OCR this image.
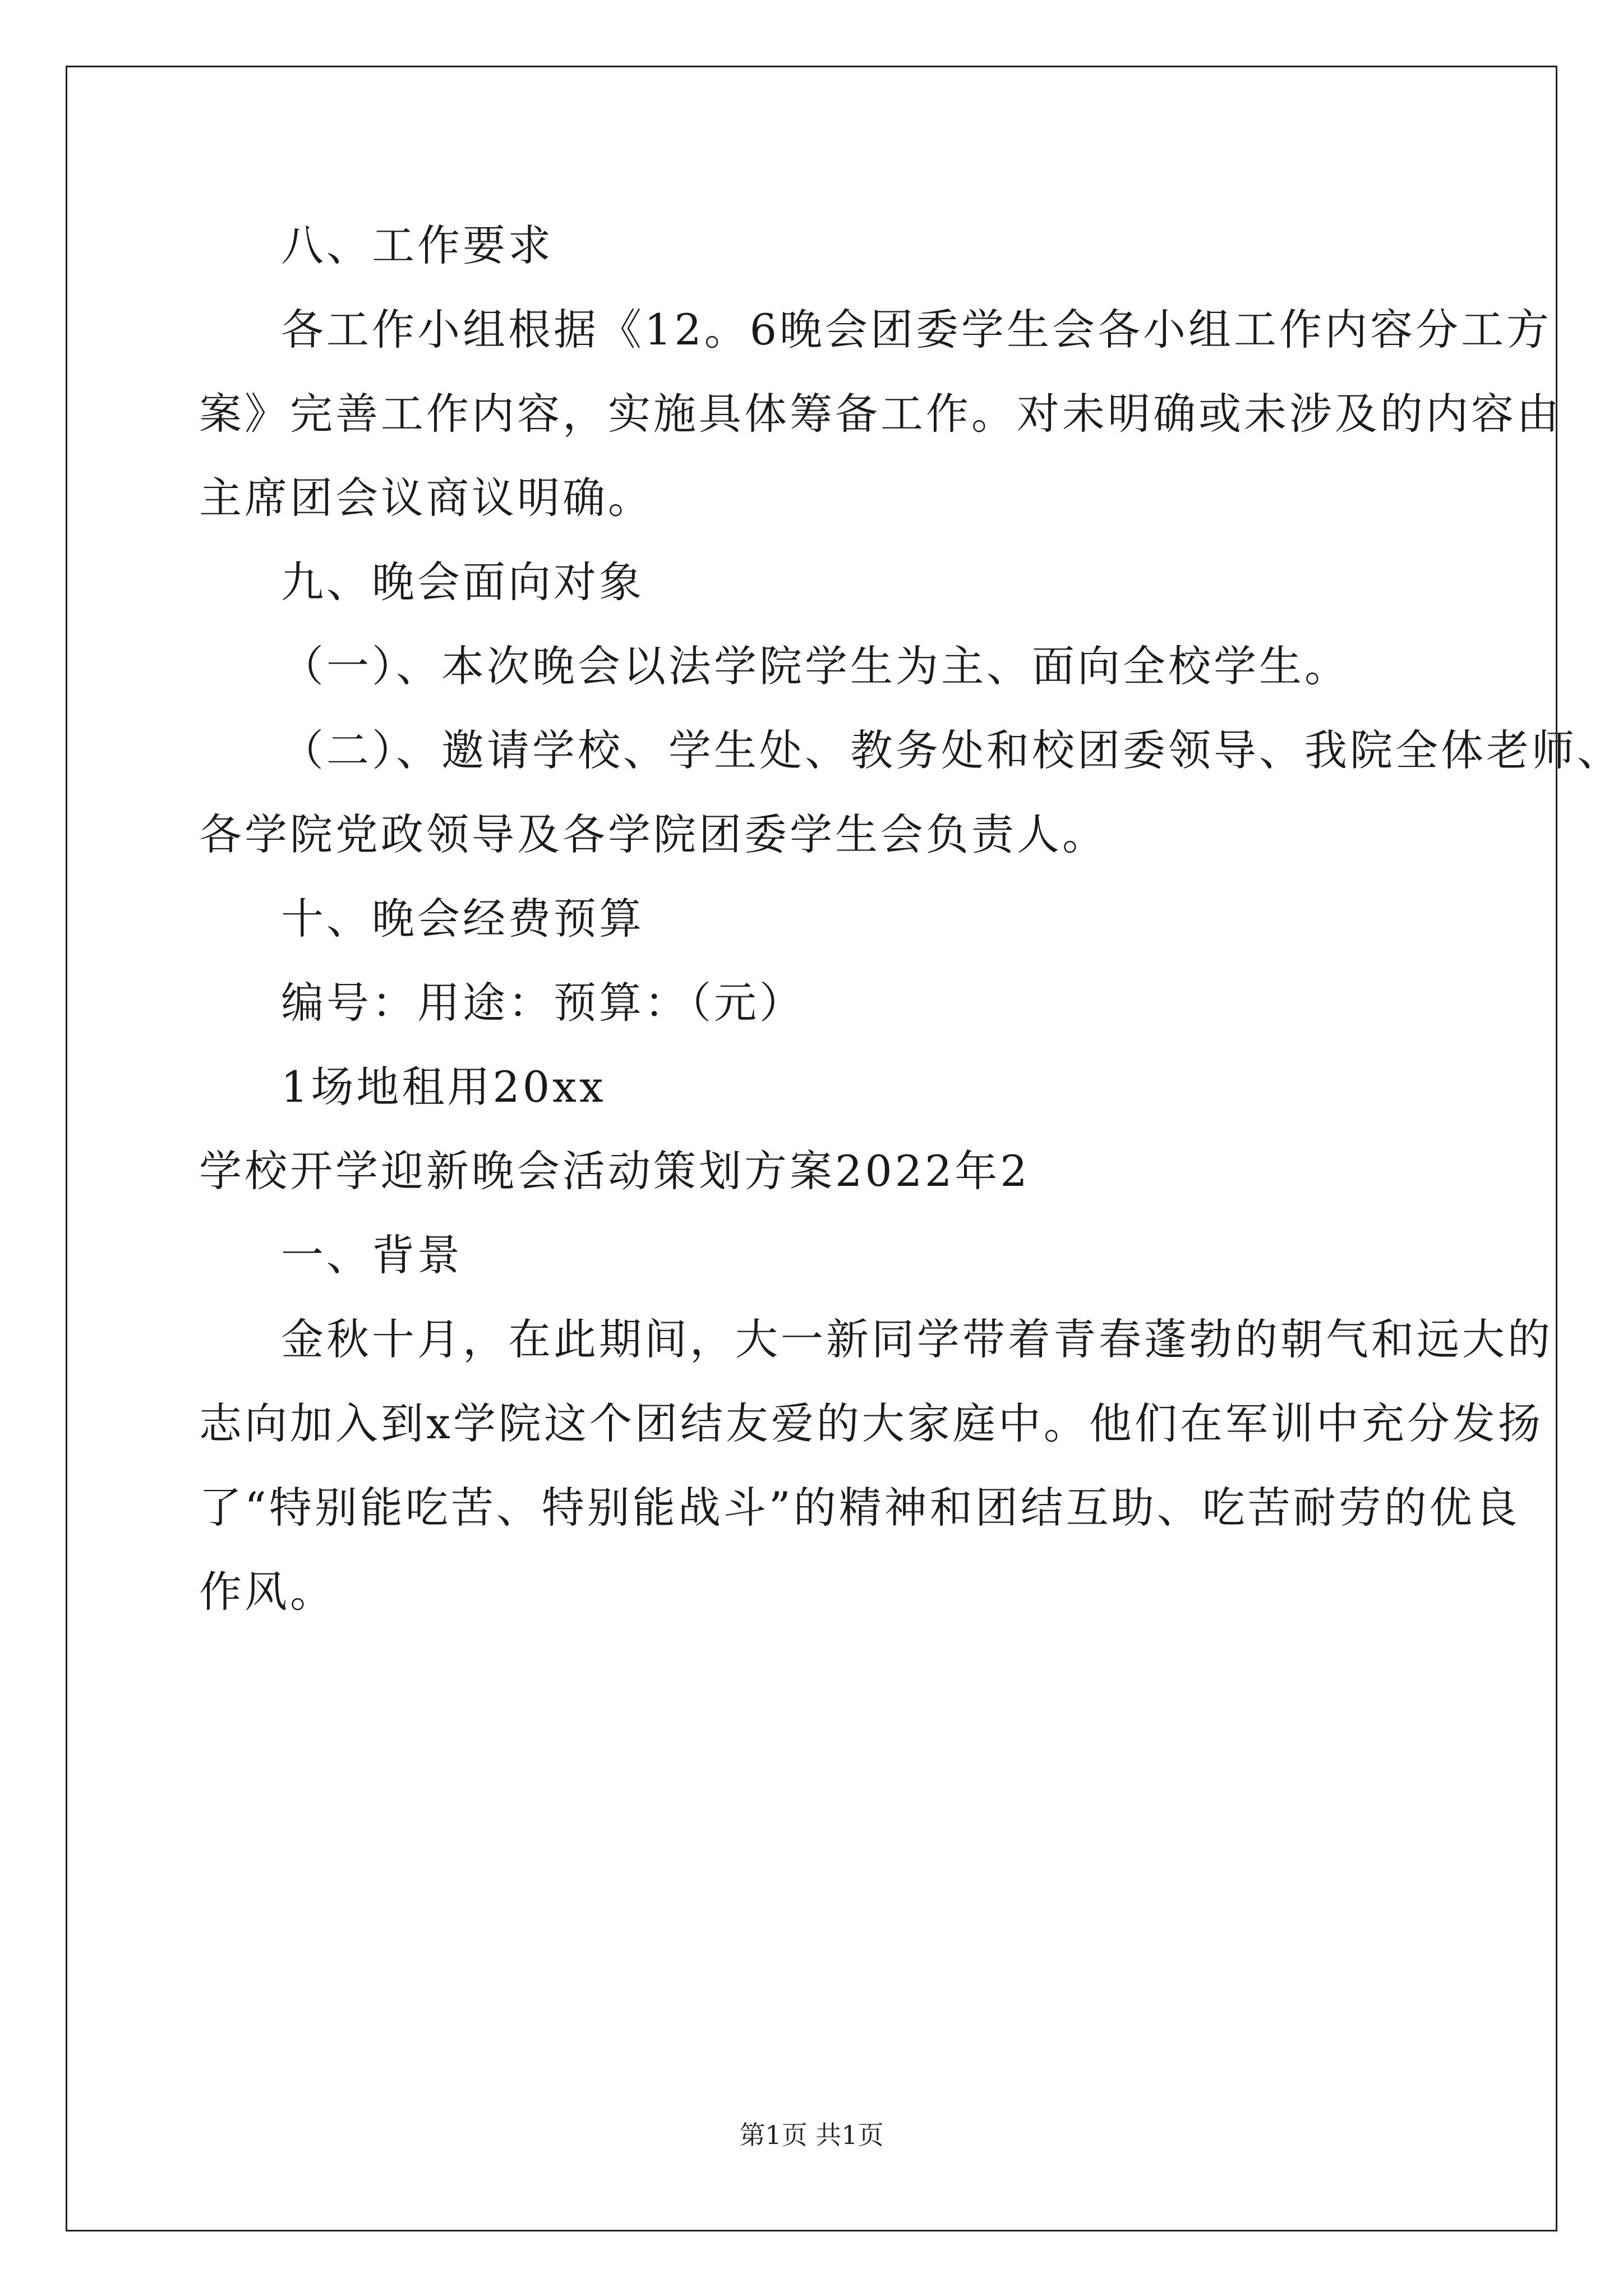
八、工作要求
各工作小组根据《12。6晚会团委学生会各小组工作内容分工方
案》完善工作内容，实施具体筹备工作。对未明确或未涉及的内容由
主席团会议商议明确。
九、晚会面向对象
（一）、本次晚会以法学院学生为主、面向全校学生。
（二）、邀请学校、学生处、教务处和校团委领导、我院全体老师、
各学院党政领导及各学院团委学生会负责人。
十、晚会经费预算
编号：用途：预算：（元）
1场地租用20xx
学校开学迎新晚会活动策划方案2022年2
一、背景
金秋十月，在此期间，大一新同学带着青春蓬勃的朝气和远大的
志向加入到x学院这个团结友爱的大家庭中。他们在军训中充分发扬
了“特别能吃苦、特别能战斗”的精神和团结互助、吃苦耐劳的优良
作风。
第1页 共1页
